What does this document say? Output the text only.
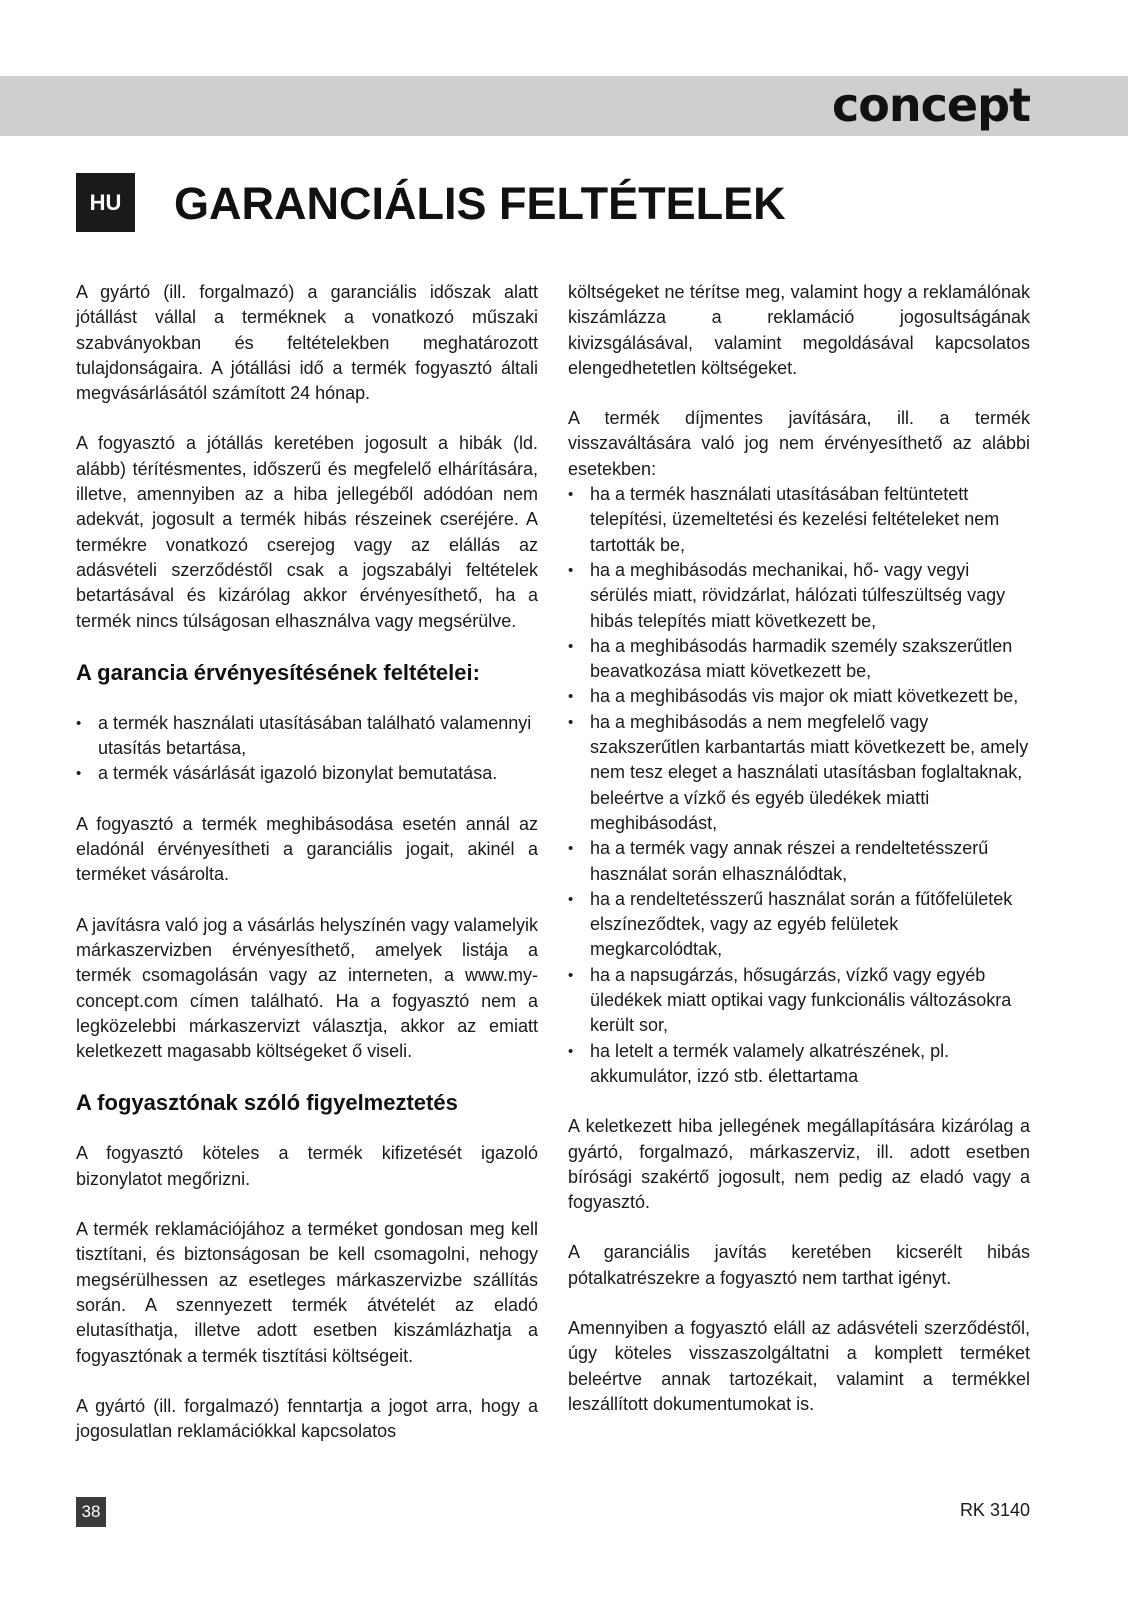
concept
HU	GARANCIÁLIS FELTÉTELEK

A gyártó (ill. forgalmazó) a garanciális időszak alatt jótállást vállal a terméknek a vonatkozó műszaki szabványokban és feltételekben meghatározott tulajdonságaira. A jótállási idő a termék fogyasztó általi megvásárlásától számított 24 hónap.

A fogyasztó a jótállás keretében jogosult a hibák (ld. alább) térítésmentes, időszerű és megfelelő elhárítására, illetve, amennyiben az a hiba jellegéből adódóan nem adekvát, jogosult a termék hibás részeinek cseréjére. A termékre vonatkozó cserejog vagy az elállás az adásvételi szerződéstől csak a jogszabályi feltételek betartásával és kizárólag akkor érvényesíthető, ha a termék nincs túlságosan elhasználva vagy megsérülve.

A garancia érvényesítésének feltételei:
• a termék használati utasításában található valamennyi utasítás betartása,
• a termék vásárlását igazoló bizonylat bemutatása.

A fogyasztó a termék meghibásodása esetén annál az eladónál érvényesítheti a garanciális jogait, akinél a terméket vásárolta.

A javításra való jog a vásárlás helyszínén vagy valamelyik márkaszervizben érvényesíthető, amelyek listája a termék csomagolásán vagy az interneten, a www.my-concept.com címen található. Ha a fogyasztó nem a legközelebbi márkaszervizt választja, akkor az emiatt keletkezett magasabb költségeket ő viseli.

A fogyasztónak szóló figyelmeztetés

A fogyasztó köteles a termék kifizetését igazoló bizonylatot megőrizni.

A termék reklamációjához a terméket gondosan meg kell tisztítani, és biztonságosan be kell csomagolni, nehogy megsérülhessen az esetleges márkaszervizbe szállítás során. A szennyezett termék átvételét az eladó elutasíthatja, illetve adott esetben kiszámlázhatja a fogyasztónak a termék tisztítási költségeit.

A gyártó (ill. forgalmazó) fenntartja a jogot arra, hogy a jogosulatlan reklamációkkal kapcsolatos

költségeket ne térítse meg, valamint hogy a reklamálónak kiszámlázza a reklamáció jogosultságának kivizsgálásával, valamint megoldásával kapcsolatos elengedhetetlen költségeket.

A termék díjmentes javítására, ill. a termék visszaváltására való jog nem érvényesíthető az alábbi esetekben:

• ha a termék használati utasításában feltüntetett telepítési, üzemeltetési és kezelési feltételeket nem tartották be,
• ha a meghibásodás mechanikai, hő- vagy vegyi sérülés miatt, rövidzárlat, hálózati túlfeszültség vagy hibás telepítés miatt következett be,
• ha a meghibásodás harmadik személy szakszerűtlen beavatkozása miatt következett be,
• ha a meghibásodás vis major ok miatt következett be,
• ha a meghibásodás a nem megfelelő vagy szakszerűtlen karbantartás miatt következett be, amely nem tesz eleget a használati utasításban foglaltaknak, beleértve a vízkő és egyéb üledékek miatti meghibásodást,
• ha a termék vagy annak részei a rendeltetésszerű használat során elhasználódtak,
• ha a rendeltetésszerű használat során a fűtőfelületek elszíneződtek, vagy az egyéb felületek megkarcolódtak,
• ha a napsugárzás, hősugárzás, vízkő vagy egyéb üledékek miatt optikai vagy funkcionális változásokra került sor,
• ha letelt a termék valamely alkatrészének, pl. akkumulátor, izzó stb. élettartama

A keletkezett hiba jellegének megállapítására kizárólag a gyártó, forgalmazó, márkaszerviz, ill. adott esetben bírósági szakértő jogosult, nem pedig az eladó vagy a fogyasztó.

A garanciális javítás keretében kicserélt hibás pótalkatrészekre a fogyasztó nem tarthat igényt.

Amennyiben a fogyasztó eláll az adásvételi szerződéstől, úgy köteles visszaszolgáltatni a komplett terméket beleértve annak tartozékait, valamint a termékkel leszállított dokumentumokat is.

38	RK 3140
